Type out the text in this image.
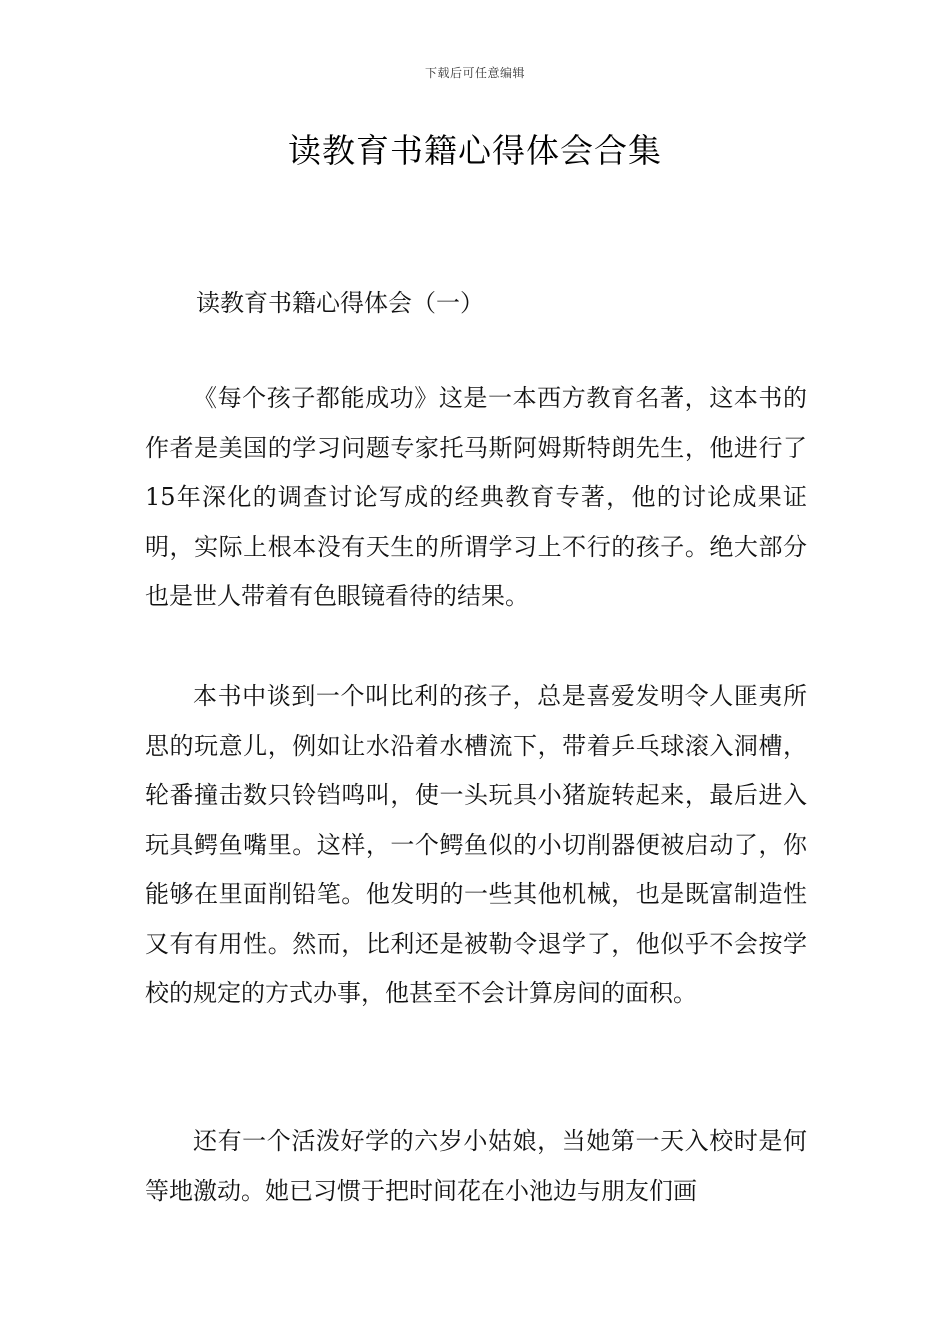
下载后可任意编辑
读教育书籍心得体会合集
读教育书籍心得体会（一）

《每个孩子都能成功》这是一本西方教育名著，这本书的作者是美国的学习问题专家托马斯阿姆斯特朗先生，他进行了15年深化的调查讨论写成的经典教育专著，他的讨论成果证明，实际上根本没有天生的所谓学习上不行的孩子。绝大部分也是世人带着有色眼镜看待的结果。

本书中谈到一个叫比利的孩子，总是喜爱发明令人匪夷所思的玩意儿，例如让水沿着水槽流下，带着乒乓球滚入洞槽，轮番撞击数只铃铛鸣叫，使一头玩具小猪旋转起来，最后进入玩具鳄鱼嘴里。这样，一个鳄鱼似的小切削器便被启动了，你能够在里面削铅笔。他发明的一些其他机械，也是既富制造性又有有用性。然而，比利还是被勒令退学了，他似乎不会按学校的规定的方式办事，他甚至不会计算房间的面积。

还有一个活泼好学的六岁小姑娘，当她第一天入校时是何等地激动。她已习惯于把时间花在小池边与朋友们画
